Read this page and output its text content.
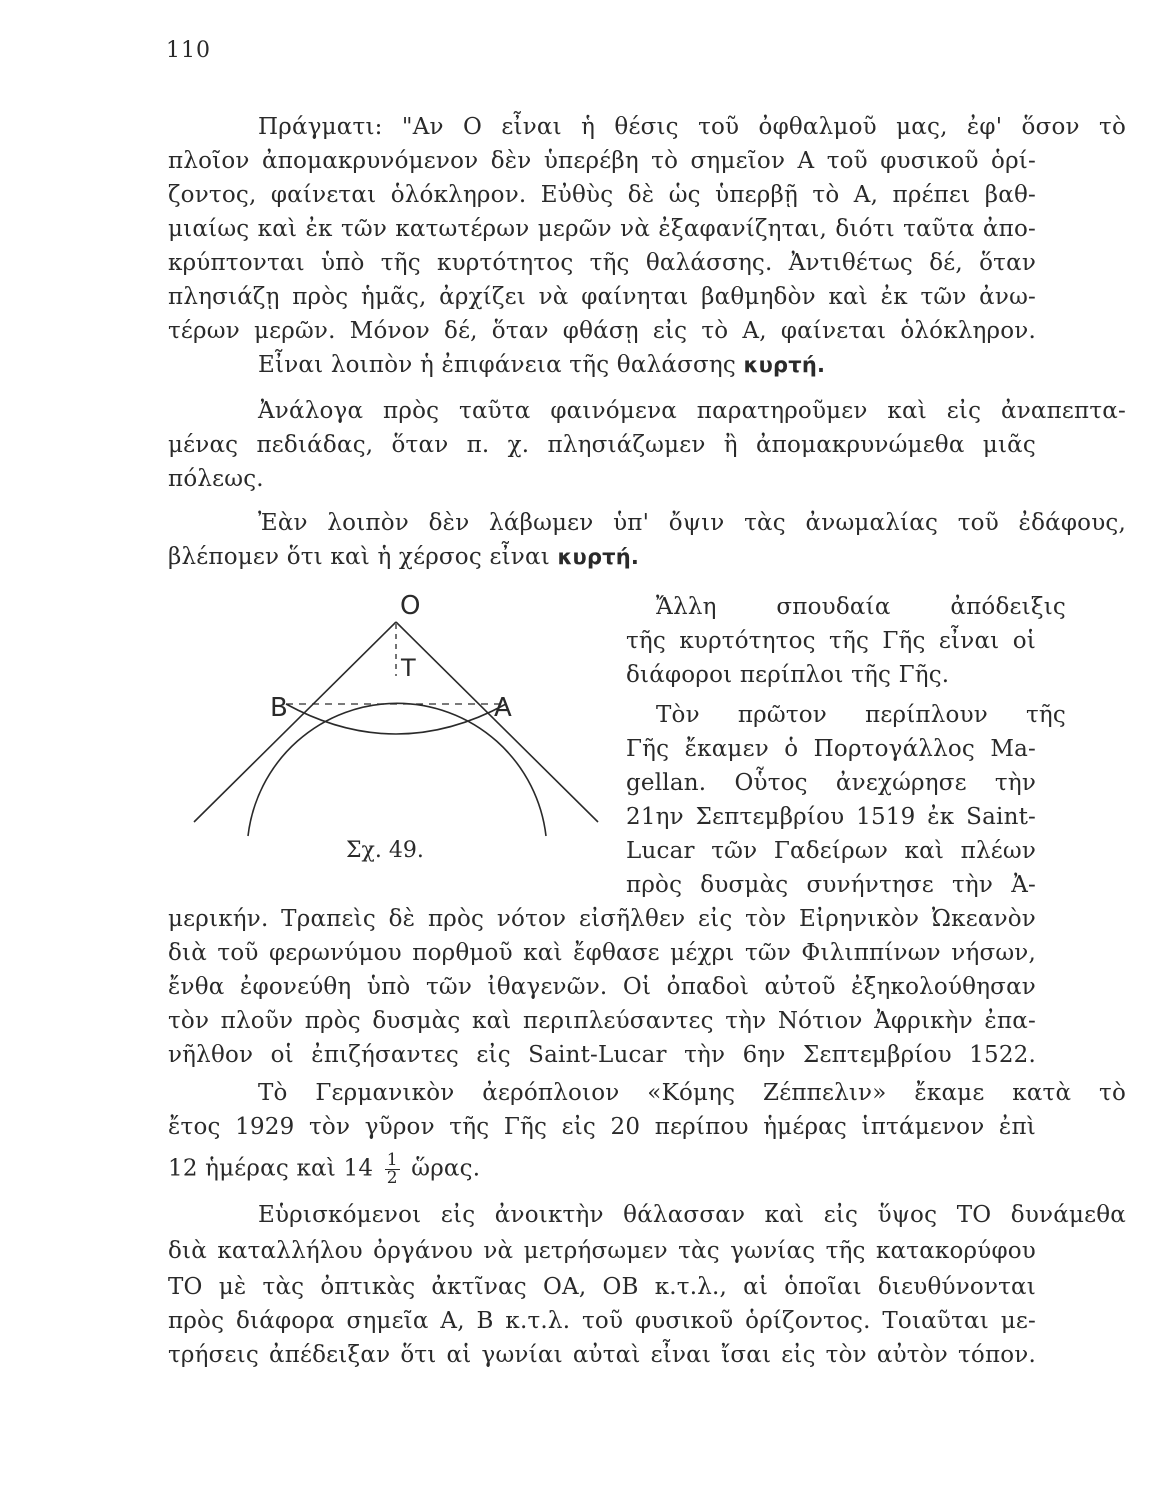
110
Πράγματι: "Αν Ο εἶναι ἡ θέσις τοῦ ὀφθαλμοῦ μας, ἐφ' ὅσον τὸ
πλοῖον ἀπομακρυνόμενον δὲν ὑπερέβη τὸ σημεῖον Α τοῦ φυσικοῦ ὁρί-
ζοντος, φαίνεται ὁλόκληρον. Εὐθὺς δὲ ὡς ὑπερβῇ τὸ Α, πρέπει βαθ-
μιαίως καὶ ἐκ τῶν κατωτέρων μερῶν νὰ ἐξαφανίζηται, διότι ταῦτα ἀπο-
κρύπτονται ὑπὸ τῆς κυρτότητος τῆς θαλάσσης. Ἀντιθέτως δέ, ὅταν
πλησιάζῃ πρὸς ἡμᾶς, ἀρχίζει νὰ φαίνηται βαθμηδὸν καὶ ἐκ τῶν ἀνω-
τέρων μερῶν. Μόνον δέ, ὅταν φθάσῃ εἰς τὸ Α, φαίνεται ὁλόκληρον.
Εἶναι λοιπὸν ἡ ἐπιφάνεια τῆς θαλάσσης κυρτή.
Ἀνάλογα πρὸς ταῦτα φαινόμενα παρατηροῦμεν καὶ εἰς ἀναπεπτα-
μένας πεδιάδας, ὅταν π. χ. πλησιάζωμεν ἢ ἀπομακρυνώμεθα μιᾶς
πόλεως.
Ἐὰν λοιπὸν δὲν λάβωμεν ὑπ' ὄψιν τὰς ἀνωμαλίας τοῦ ἐδάφους,
βλέπομεν ὅτι καὶ ἡ χέρσος εἶναι κυρτή.
O
T
B	A
Σχ. 49.
Ἄλλη σπουδαία ἀπόδειξις
τῆς κυρτότητος τῆς Γῆς εἶναι οἱ
διάφοροι περίπλοι τῆς Γῆς.
Τὸν πρῶτον περίπλουν τῆς
Γῆς ἔκαμεν ὁ Πορτογάλλος Ma-
gellan. Οὗτος ἀνεχώρησε τὴν
21ην Σεπτεμβρίου 1519 ἐκ Saint-
Lucar τῶν Γαδείρων καὶ πλέων
πρὸς δυσμὰς συνήντησε τὴν Ἀ-
μερικήν. Τραπεὶς δὲ πρὸς νότον εἰσῆλθεν εἰς τὸν Εἰρηνικὸν Ὠκεανὸν
διὰ τοῦ φερωνύμου πορθμοῦ καὶ ἔφθασε μέχρι τῶν Φιλιππίνων νήσων,
ἔνθα ἐφονεύθη ὑπὸ τῶν ἰθαγενῶν. Οἱ ὀπαδοὶ αὐτοῦ ἐξηκολούθησαν
τὸν πλοῦν πρὸς δυσμὰς καὶ περιπλεύσαντες τὴν Νότιον Ἀφρικὴν ἐπα-
νῆλθον οἱ ἐπιζήσαντες εἰς Saint-Lucar τὴν 6ην Σεπτεμβρίου 1522.
Τὸ Γερμανικὸν ἀερόπλοιον «Κόμης Ζέππελιν» ἔκαμε κατὰ τὸ
ἔτος 1929 τὸν γῦρον τῆς Γῆς εἰς 20 περίπου ἡμέρας ἱπτάμενον ἐπὶ
12 ἡμέρας καὶ $14 \frac{1}{2}$ ὥρας.
Εὑρισκόμενοι εἰς ἀνοικτὴν θάλασσαν καὶ εἰς ὕψος ΤΟ δυνάμεθα
διὰ καταλλήλου ὀργάνου νὰ μετρήσωμεν τὰς γωνίας τῆς κατακορύφου
ΤΟ μὲ τὰς ὀπτικὰς ἀκτῖνας ΟΑ, ΟΒ κ.τ.λ., αἱ ὁποῖαι διευθύνονται
πρὸς διάφορα σημεῖα Α, Β κ.τ.λ. τοῦ φυσικοῦ ὁρίζοντος. Τοιαῦται με-
τρήσεις ἀπέδειξαν ὅτι αἱ γωνίαι αὐταὶ εἶναι ἴσαι εἰς τὸν αὐτὸν τόπον.
